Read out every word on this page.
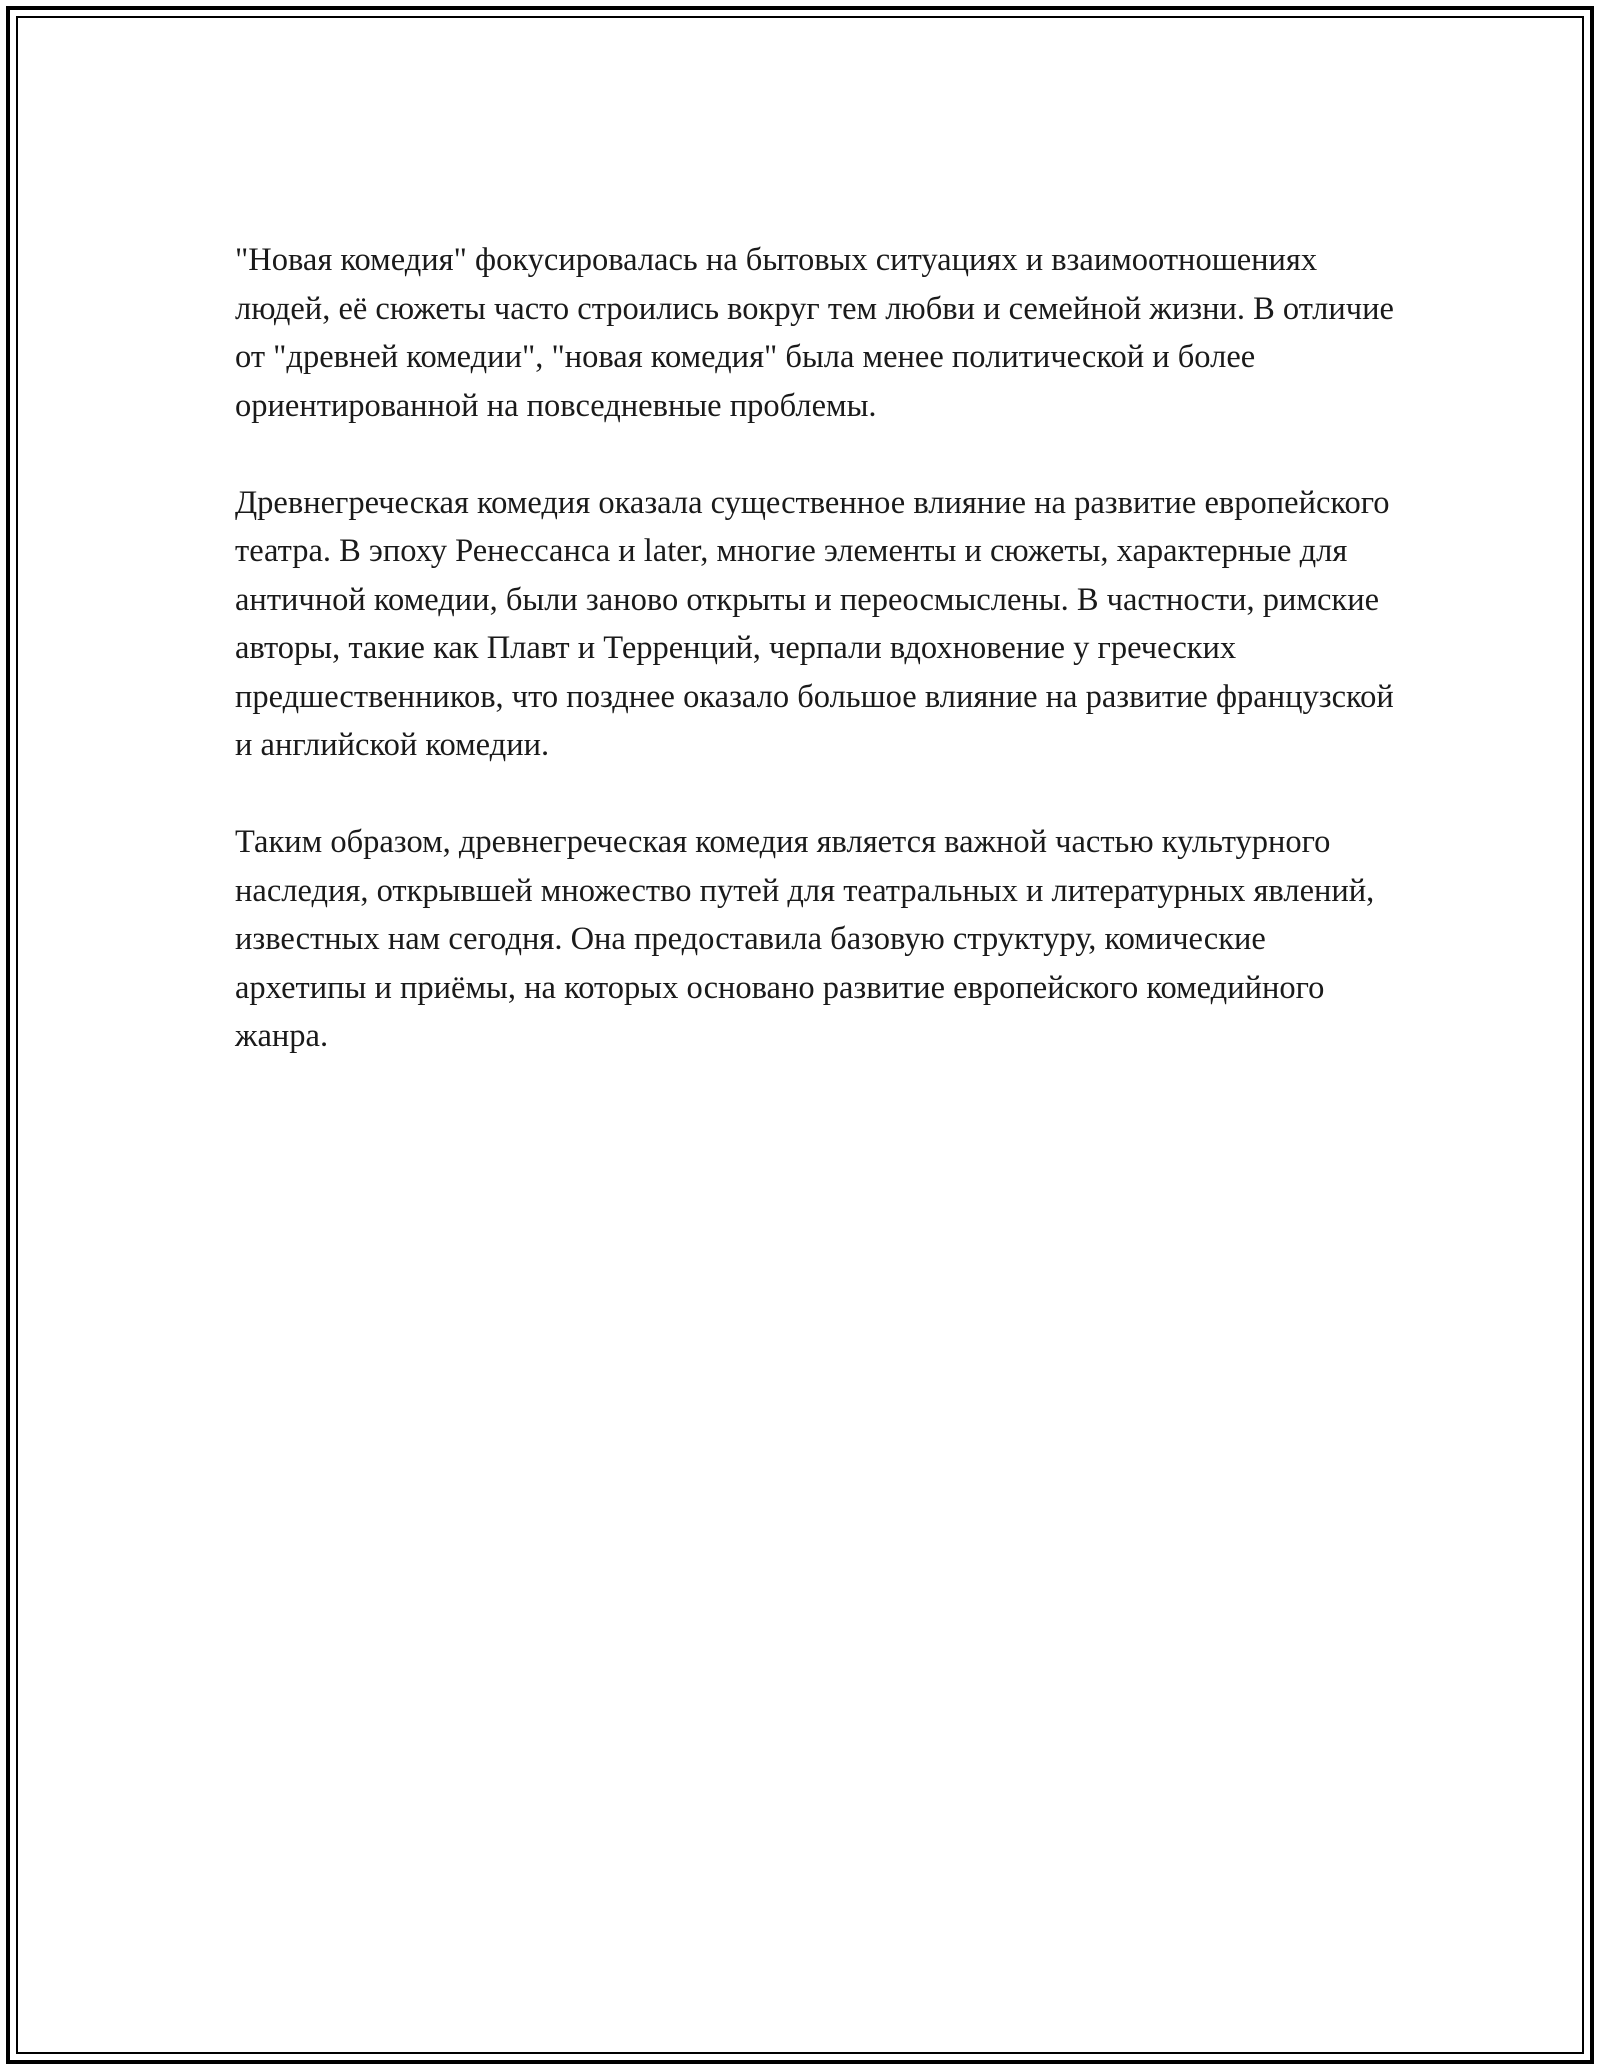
"Новая комедия" фокусировалась на бытовых ситуациях и взаимоотношениях людей, её сюжеты часто строились вокруг тем любви и семейной жизни. В отличие от "древней комедии", "новая комедия" была менее политической и более ориентированной на повседневные проблемы.

Древнегреческая комедия оказала существенное влияние на развитие европейского театра. В эпоху Ренессанса и later, многие элементы и сюжеты, характерные для античной комедии, были заново открыты и переосмыслены. В частности, римские авторы, такие как Плавт и Терренций, черпали вдохновение у греческих предшественников, что позднее оказало большое влияние на развитие французской и английской комедии.

Таким образом, древнегреческая комедия является важной частью культурного наследия, открывшей множество путей для театральных и литературных явлений, известных нам сегодня. Она предоставила базовую структуру, комические архетипы и приёмы, на которых основано развитие европейского комедийного жанра.
